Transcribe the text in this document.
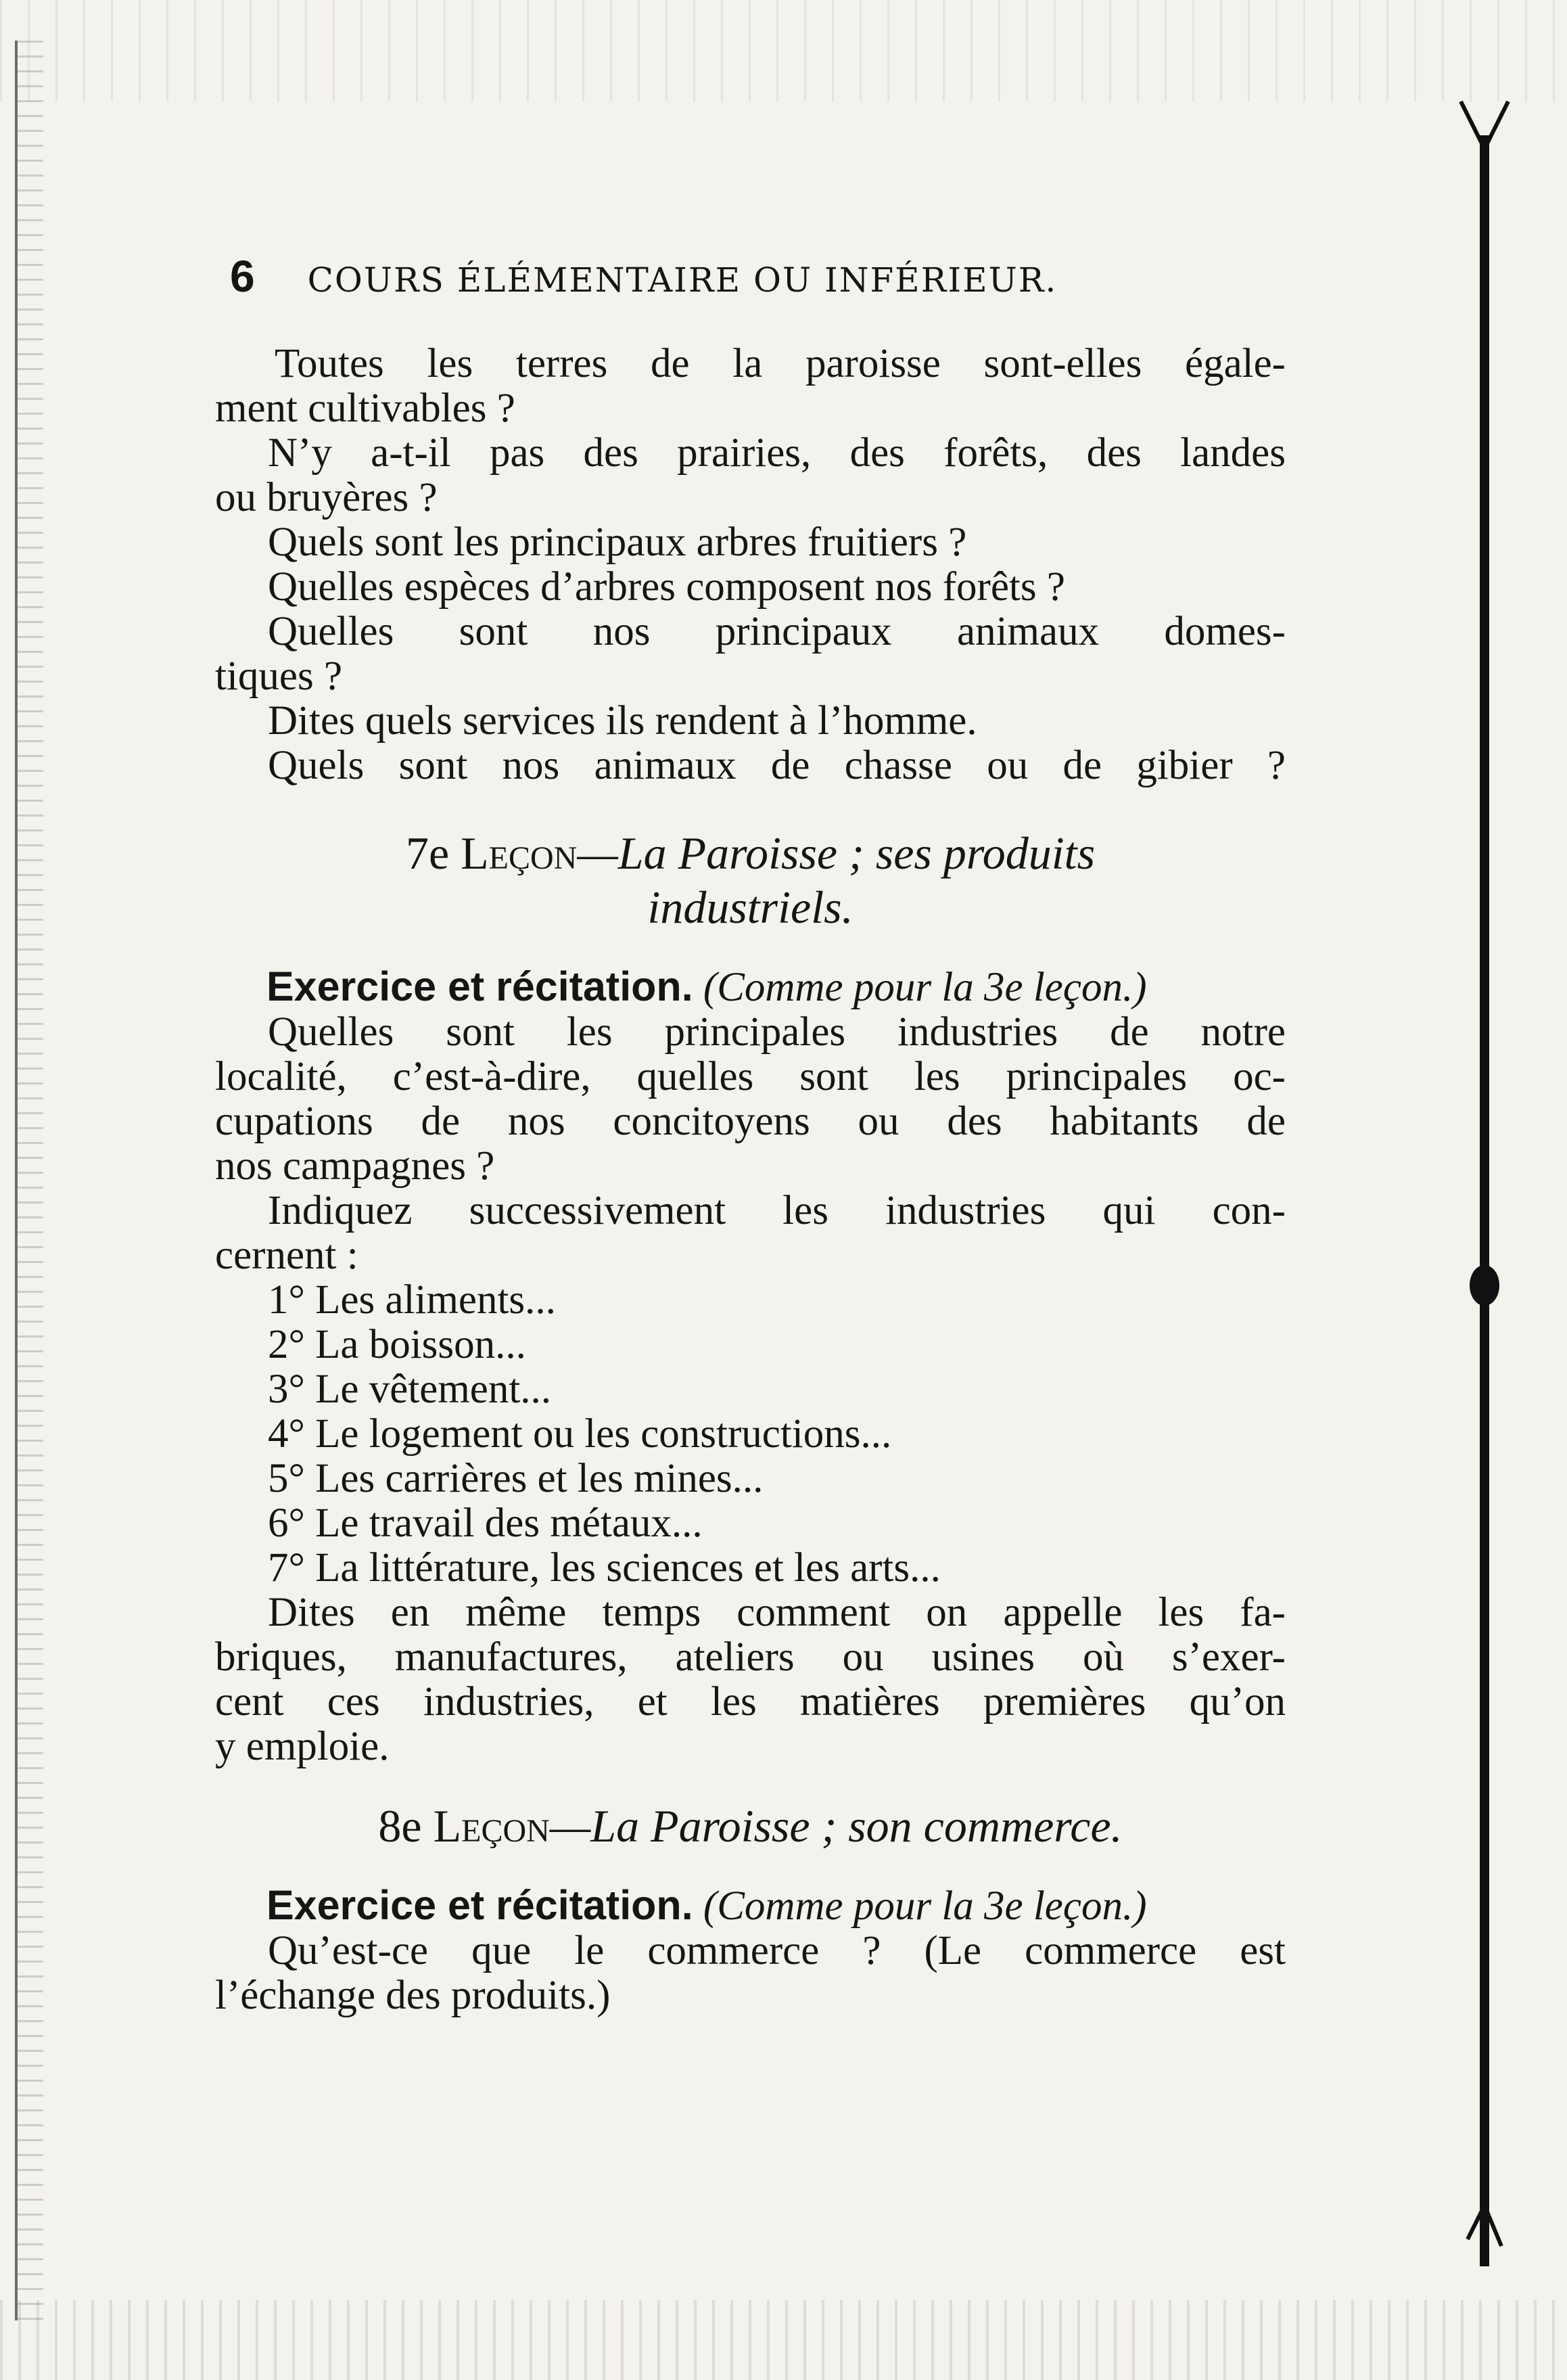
6 COURS ÉLÉMENTAIRE OU INFÉRIEUR.
Toutes les terres de la paroisse sont-elles égale-
ment cultivables ?
N’y a-t-il pas des prairies, des forêts, des landes
ou bruyères ?
Quels sont les principaux arbres fruitiers ?
Quelles espèces d’arbres composent nos forêts ?
Quelles sont nos principaux animaux domes-
tiques ?
Dites quels services ils rendent à l’homme.
Quels sont nos animaux de chasse ou de gibier ?
7e Leçon—La Paroisse ; ses produits
industriels.
Exercice et récitation. (Comme pour la 3e leçon.)
Quelles sont les principales industries de notre
localité, c’est-à-dire, quelles sont les principales oc-
cupations de nos concitoyens ou des habitants de
nos campagnes ?
Indiquez successivement les industries qui con-
cernent :
1° Les aliments...
2° La boisson...
3° Le vêtement...
4° Le logement ou les constructions...
5° Les carrières et les mines...
6° Le travail des métaux...
7° La littérature, les sciences et les arts...
Dites en même temps comment on appelle les fa-
briques, manufactures, ateliers ou usines où s’exer-
cent ces industries, et les matières premières qu’on
y emploie.
8e Leçon—La Paroisse ; son commerce.
Exercice et récitation. (Comme pour la 3e leçon.)
Qu’est-ce que le commerce ? (Le commerce est
l’échange des produits.)
